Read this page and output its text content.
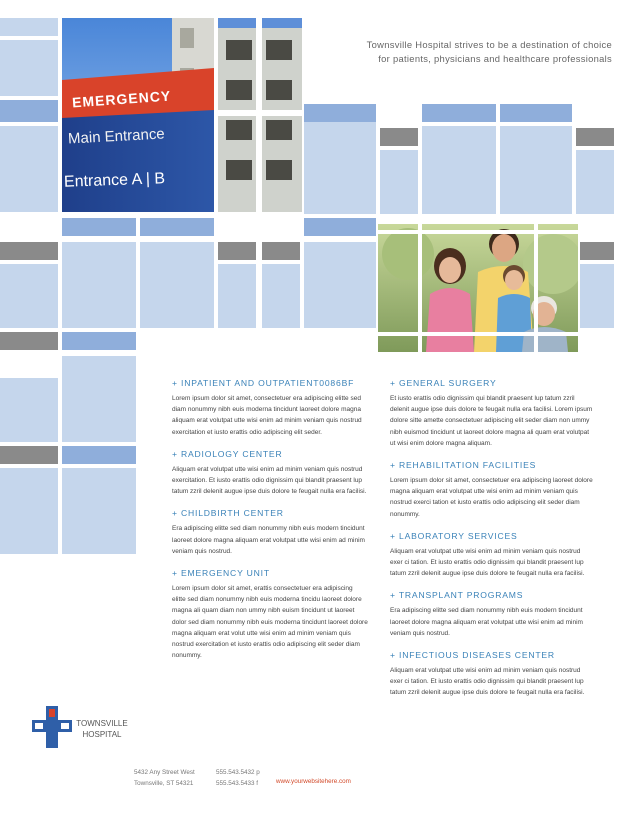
EMERGENCY
Main Entrance
Entrance A | B
Townsville Hospital strives to be a destination of choice for patients, physicians and healthcare professionals
+ INPATIENT AND OUTPATIENT0086BF

Lorem ipsum dolor sit amet, consectetuer era adipiscing elitte sed diam nonummy nibh euis moderna tincidunt laoreet dolore magna aliquam erat volutpat utte wisi enim ad minim veniam quis nostrud exercitation et iusto erattis odio adipiscing elit seder.

+ RADIOLOGY CENTER

Aliquam erat volutpat utte wisi enim ad minim veniam quis nostrud exercitation. Et iusto erattis odio dignissim qui blandit praesent lup tatum zzril delenit augue ipse duis dolore te feugait nulla era facilisi.

+ CHILDBIRTH CENTER

Era adipiscing elitte sed diam nonummy nibh euis modern tincidunt laoreet dolore magna aliquam erat volutpat utte wisi enim ad minim veniam quis nostrud.

+ EMERGENCY UNIT

Lorem ipsum dolor sit amet, erattis consectetuer era adipiscing elitte sed diam nonummy nibh euis moderna tincidu laoreet dolore magna ali quam diam non ummy nibh euism tincidunt ut laoreet dolor sed diam nonummy nibh euis moderna tincidunt laoreet dolore magna aliquam erat volut utte wisi enim ad minim veniam quis nostrud exercitation et iusto erattis odio adipiscing elit seder diam nonummy.

+ GENERAL SURGERY

Et iusto erattis odio dignissim qui blandit praesent lup tatum zzril delenit augue ipse duis dolore te feugait nulla era facilisi. Lorem ipsum dolore sitte amette consectetuer adipiscing elit seder diam non ummy nibh euismod tincidunt ut laoreet dolore magna ali quam erat volutpat ut wisi enim dolore magna aliquam.

+ REHABILITATION FACILITIES

Lorem ipsum dolor sit amet, consectetuer era adipiscing laoreet dolore magna aliquam erat volutpat utte wisi enim ad minim veniam quis nostrud exerci tation et iusto erattis odio adipiscing elit seder diam nonummy.

+ LABORATORY SERVICES

Aliquam erat volutpat utte wisi enim ad minim veniam quis nostrud exer ci tation. Et iusto erattis odio dignissim qui blandit praesent lup tatum zzril delenit augue ipse duis dolore te feugait nulla era facilisi.

+ TRANSPLANT PROGRAMS

Era adipiscing elitte sed diam nonummy nibh euis modern tincidunt laoreet dolore magna aliquam erat volutpat utte wisi enim ad minim veniam quis nostrud.

+ INFECTIOUS DISEASES CENTER

Aliquam erat volutpat utte wisi enim ad minim veniam quis nostrud exer ci tation. Et iusto erattis odio dignissim qui blandit praesent lup tatum zzril delenit augue ipse duis dolore te feugait nulla era facilisi.

TOWNSVILLE
HOSPITAL
5432 Any Street West
Townsville, ST 54321
555.543.5432 p
555.543.5433 f	www.yourwebsitehere.com
